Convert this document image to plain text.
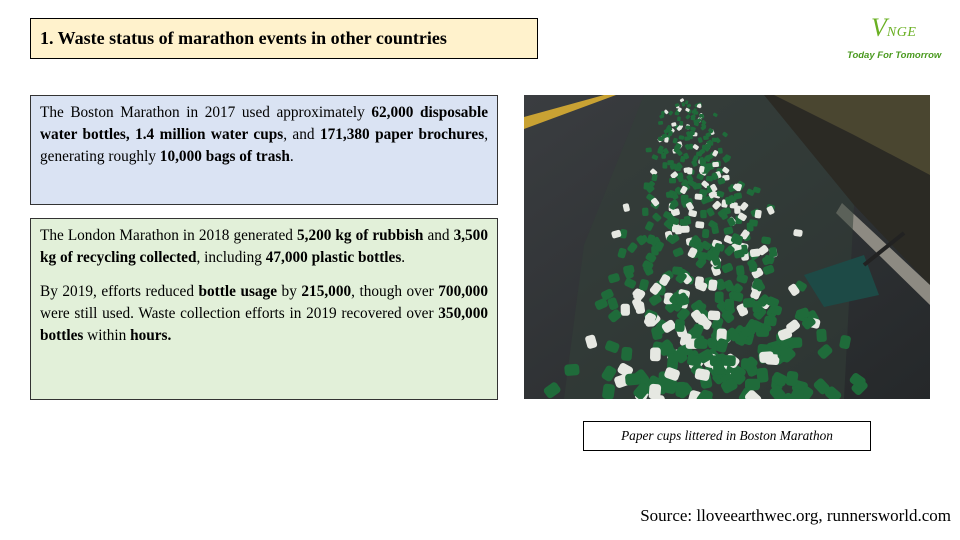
1. Waste status of marathon events in other countries	VNGE
Today For Tomorrow

The Boston Marathon in 2017 used approximately 62,000 disposable water bottles, 1.4 million water cups, and 171,380 paper brochures, generating roughly 10,000 bags of trash.

The London Marathon in 2018 generated 5,200 kg of rubbish and 3,500 kg of recycling collected, including 47,000 plastic bottles.

By 2019, efforts reduced bottle usage by 215,000, though over 700,000 were still used. Waste collection efforts in 2019 recovered over 350,000 bottles within hours.

Paper cups littered in Boston Marathon
Source: lloveearthwec.org, runnersworld.com
